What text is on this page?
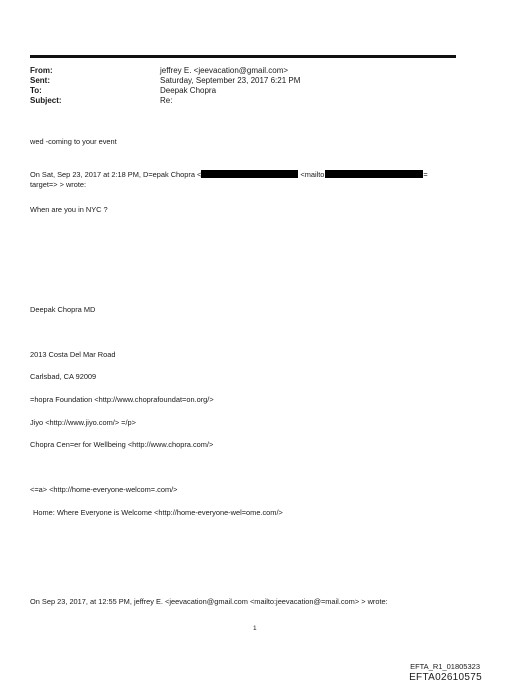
From:	jeffrey E. <jeevacation@gmail.com>
Sent:	Saturday, September 23, 2017 6:21 PM
To:	Deepak Chopra
Subject:	Re:
wed -coming to your event
On Sat, Sep 23, 2017 at 2:18 PM, D=epak Chopra <	<mailto	=
target=> > wrote:
When are you in NYC ?
Deepak Chopra MD
2013 Costa Del Mar Road
Carlsbad, CA 92009
=hopra Foundation <http://www.choprafoundat=on.org/>
Jiyo <http://www.jiyo.com/> =/p>
Chopra Cen=er for Wellbeing <http://www.chopra.com/>
<=a> <http://home-everyone-welcom=.com/>
Home: Where Everyone is Welcome <http://home-everyone-wel=ome.com/>
On Sep 23, 2017, at 12:55 PM, jeffrey E. <jeevacation@gmail.com <mailto:jeevacation@=mail.com> > wrote:
1
EFTA_R1_01805323
EFTA02610575
